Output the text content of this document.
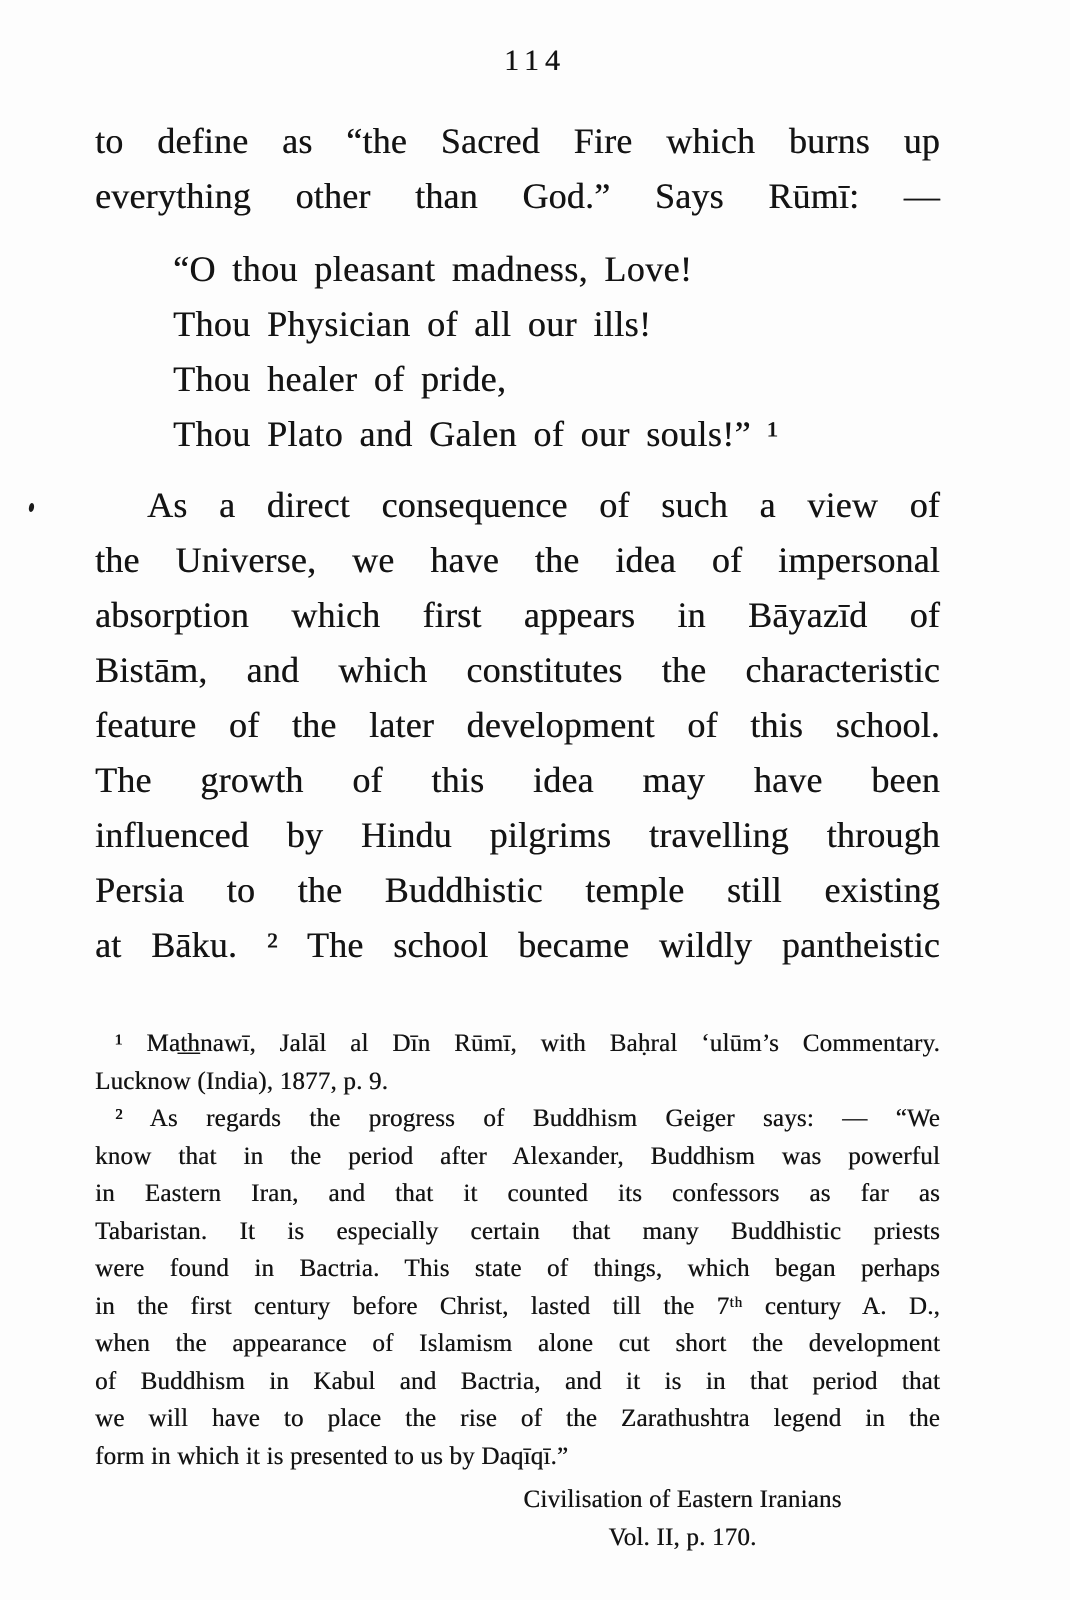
114
to define as “the Sacred Fire which burns up
everything other than God.” Says Rūmī: —
“O thou pleasant madness, Love!
Thou Physician of all our ills!
Thou healer of pride,
Thou Plato and Galen of our souls!” ¹
As a direct consequence of such a view of
the Universe, we have the idea of impersonal
absorption which first appears in Bāyazīd of
Bistām, and which constitutes the characteristic
feature of the later development of this school.
The growth of this idea may have been
influenced by Hindu pilgrims travelling through
Persia to the Buddhistic temple still existing
at Bāku. ² The school became wildly pantheistic
¹ Mat̲h̲nawī, Jalāl al Dīn Rūmī, with Baḥral ʻulūm’s Commentary.
Lucknow (India), 1877, p. 9.
² As regards the progress of Buddhism Geiger says: — “We
know that in the period after Alexander, Buddhism was powerful
in Eastern Iran, and that it counted its confessors as far as
Tabaristan. It is especially certain that many Buddhistic priests
were found in Bactria. This state of things, which began perhaps
in the first century before Christ, lasted till the 7ᵗʰ century A. D.,
when the appearance of Islamism alone cut short the development
of Buddhism in Kabul and Bactria, and it is in that period that
we will have to place the rise of the Zarathushtra legend in the
form in which it is presented to us by Daqīqī.”
Civilisation of Eastern Iranians
Vol. II, p. 170.
